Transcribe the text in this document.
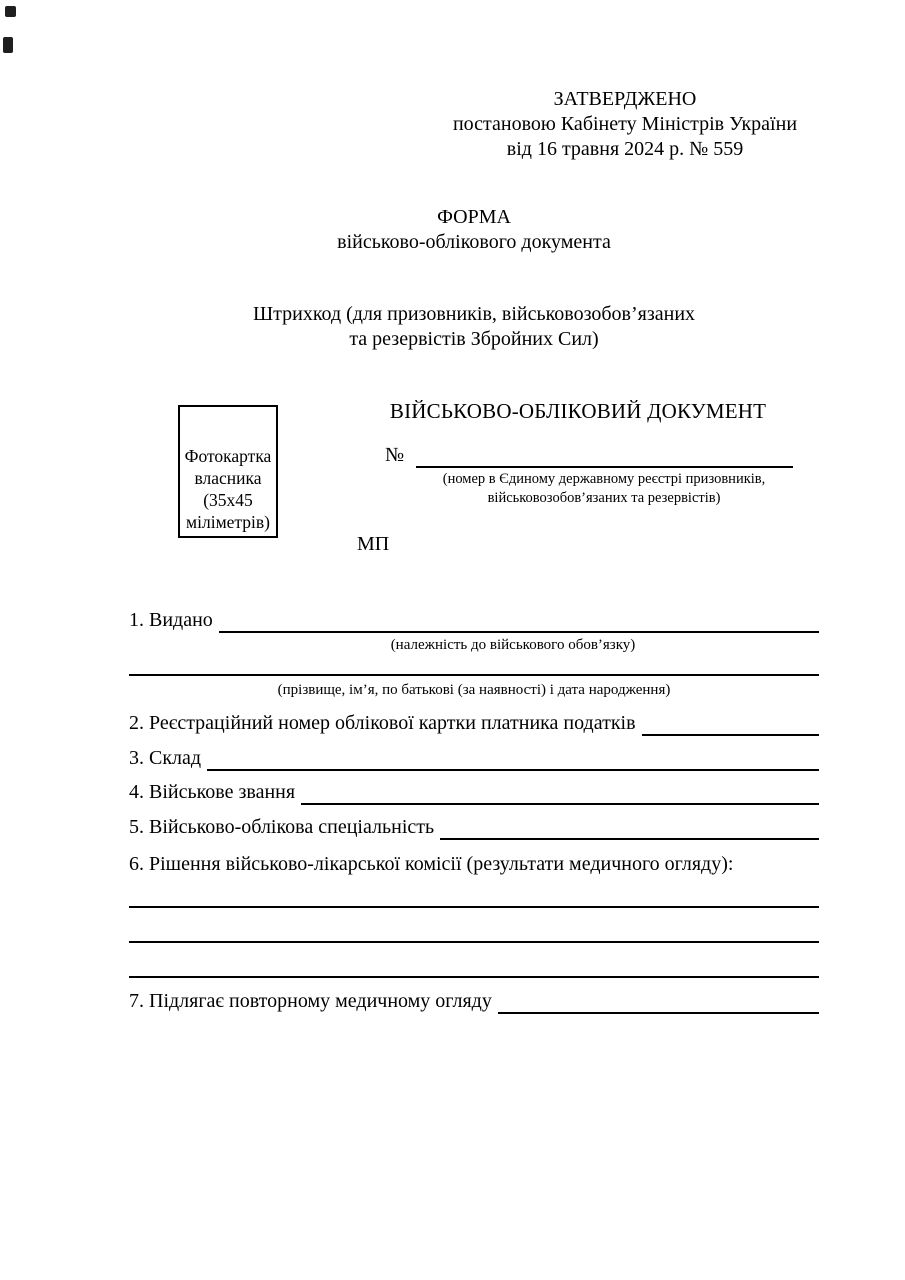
ЗАТВЕРДЖЕНО
постановою Кабінету Міністрів України
від 16 травня 2024 р. № 559
ФОРМА
військово-облікового документа
Штрихкод (для призовників, військовозобов’язаних
та резервістів Збройних Сил)
Фотокартка
власника
(35x45
міліметрів)
ВІЙСЬКОВО-ОБЛІКОВИЙ ДОКУМЕНТ
№
(номер в Єдиному державному реєстрі призовників,
військовозобов’язаних та резервістів)
МП
1. Видано
(належність до військового обов’язку)
(прізвище, ім’я, по батькові (за наявності) і дата народження)
2. Реєстраційний номер облікової картки платника податків
3. Склад
4. Військове звання
5. Військово-облікова спеціальність
6. Рішення військово-лікарської комісії (результати медичного огляду):
7. Підлягає повторному медичному огляду
